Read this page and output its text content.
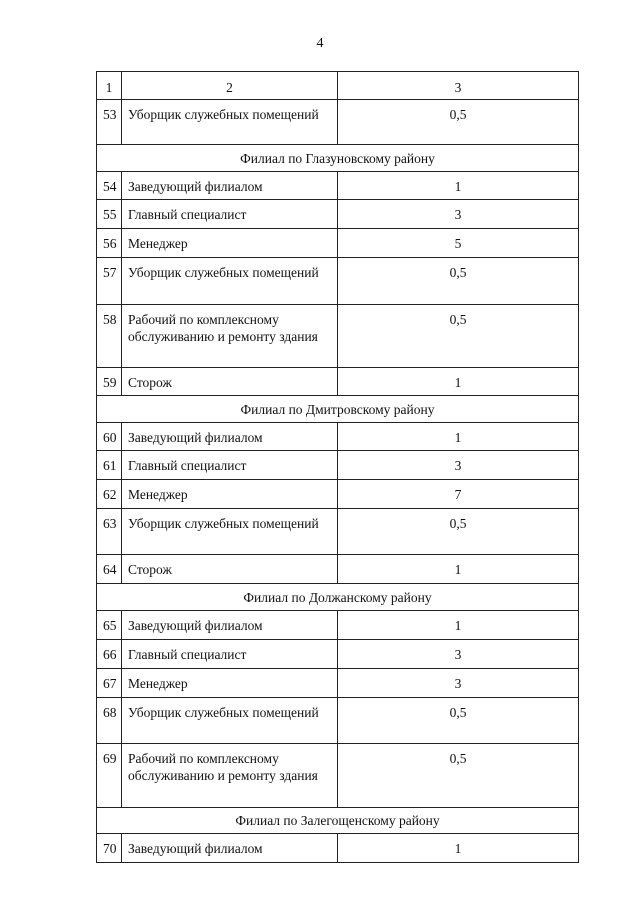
4
1	2	3
53	Уборщик служебных помещений	0,5
Филиал по Глазуновскому району		
54	Заведующий филиалом	1
55	Главный специалист	3
56	Менеджер	5
57	Уборщик служебных помещений	0,5
58	Рабочий по комплексному обслуживанию и ремонту здания	0,5
59	Сторож	1
Филиал по Дмитровскому району		
60	Заведующий филиалом	1
61	Главный специалист	3
62	Менеджер	7
63	Уборщик служебных помещений	0,5
64	Сторож	1
Филиал по Должанскому району		
65	Заведующий филиалом	1
66	Главный специалист	3
67	Менеджер	3
68	Уборщик служебных помещений	0,5
69	Рабочий по комплексному обслуживанию и ремонту здания	0,5
Филиал по Залегощенскому району		
70	Заведующий филиалом	1
